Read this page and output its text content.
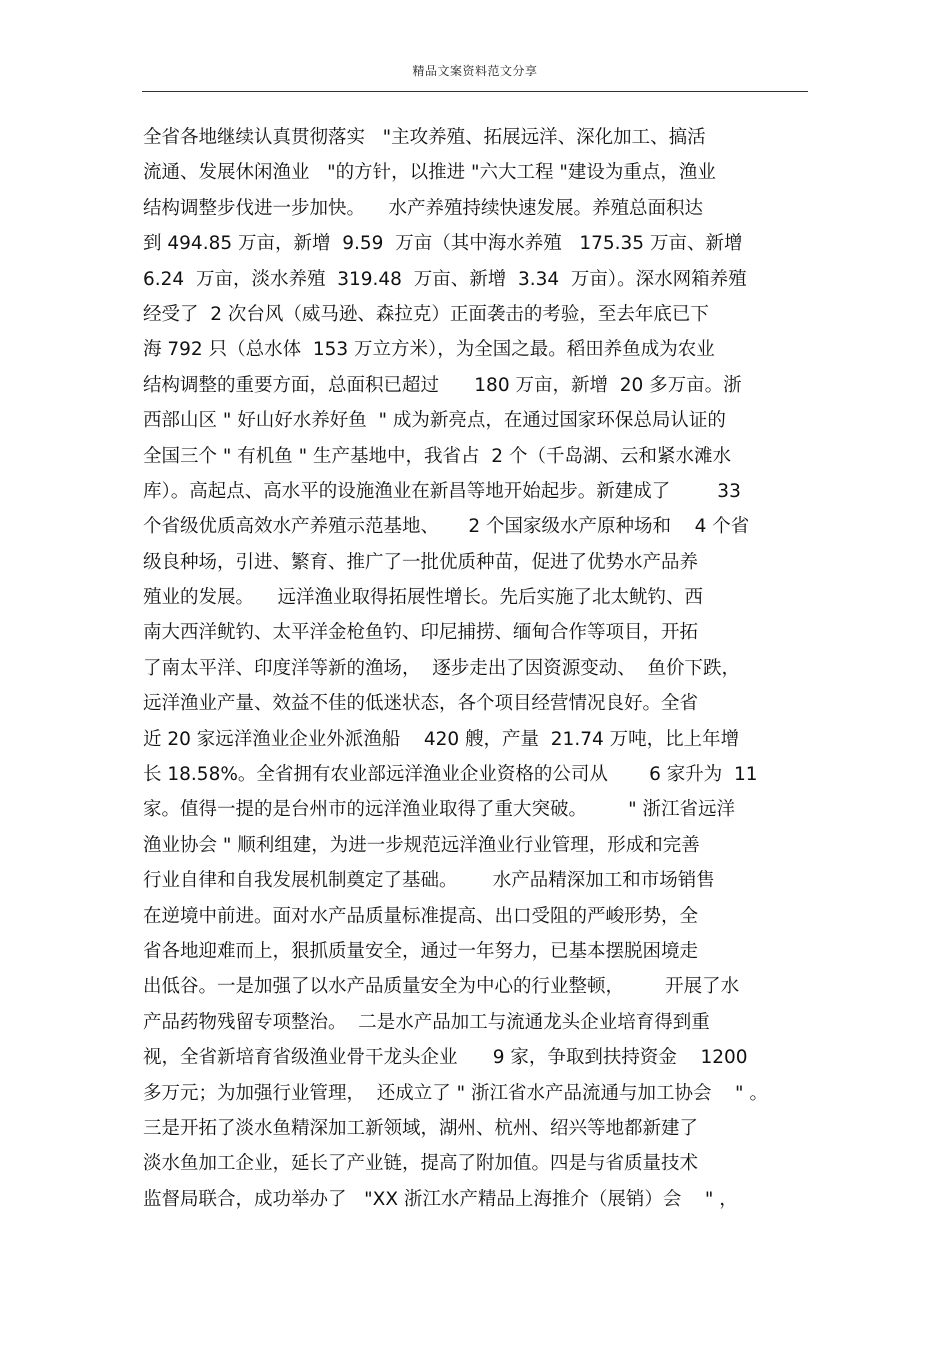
精品文案资料范文分享
全省各地继续认真贯彻落实   "主攻养殖、拓展远洋、深化加工、搞活
流通、发展休闲渔业   "的方针，以推进 "六大工程 "建设为重点，渔业
结构调整步伐进一步加快。    水产养殖持续快速发展。养殖总面积达
到 494.85 万亩，新增  9.59  万亩（其中海水养殖   175.35 万亩、新增
6.24  万亩，淡水养殖  319.48  万亩、新增  3.34  万亩）。深水网箱养殖
经受了  2 次台风（威马逊、森拉克）正面袭击的考验，至去年底已下
海 792 只（总水体  153 万立方米），为全国之最。稻田养鱼成为农业
结构调整的重要方面，总面积已超过      180 万亩，新增  20 多万亩。浙
西部山区 " 好山好水养好鱼  " 成为新亮点，在通过国家环保总局认证的
全国三个 " 有机鱼 " 生产基地中，我省占  2 个（千岛湖、云和紧水滩水
库）。高起点、高水平的设施渔业在新昌等地开始起步。新建成了        33
个省级优质高效水产养殖示范基地、     2 个国家级水产原种场和    4 个省
级良种场，引进、繁育、推广了一批优质种苗，促进了优势水产品养
殖业的发展。    远洋渔业取得拓展性增长。先后实施了北太鱿钓、西
南大西洋鱿钓、太平洋金枪鱼钓、印尼捕捞、缅甸合作等项目，开拓
了南太平洋、印度洋等新的渔场，  逐步走出了因资源变动、  鱼价下跌，
远洋渔业产量、效益不佳的低迷状态，各个项目经营情况良好。全省
近 20 家远洋渔业企业外派渔船    420 艘，产量  21.74 万吨，比上年增
长 18.58%。全省拥有农业部远洋渔业企业资格的公司从       6 家升为  11
家。值得一提的是台州市的远洋渔业取得了重大突破。       " 浙江省远洋
渔业协会 " 顺利组建，为进一步规范远洋渔业行业管理，形成和完善
行业自律和自我发展机制奠定了基础。      水产品精深加工和市场销售
在逆境中前进。面对水产品质量标准提高、出口受阻的严峻形势，全
省各地迎难而上，狠抓质量安全，通过一年努力，已基本摆脱困境走
出低谷。一是加强了以水产品质量安全为中心的行业整顿，       开展了水
产品药物残留专项整治。  二是水产品加工与流通龙头企业培育得到重
视，全省新培育省级渔业骨干龙头企业      9 家，争取到扶持资金    1200
多万元；为加强行业管理，  还成立了 " 浙江省水产品流通与加工协会    " 。
三是开拓了淡水鱼精深加工新领域，湖州、杭州、绍兴等地都新建了
淡水鱼加工企业，延长了产业链，提高了附加值。四是与省质量技术
监督局联合，成功举办了   "XX 浙江水产精品上海推介（展销）会    " ，
